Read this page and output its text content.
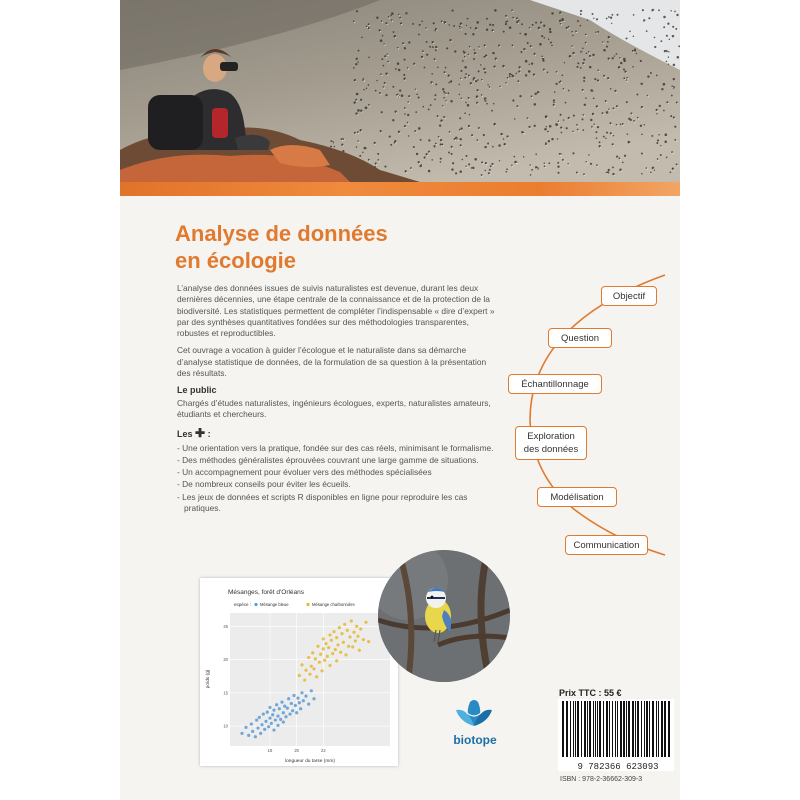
Analyse de données
en écologie

L’analyse des données issues de suivis naturalistes est devenue, durant les deux dernières décennies, une étape centrale de la connaissance et de la protection de la biodiversité. Les statistiques permettent de compléter l’indispensable « dire d’expert » par des synthèses quantitatives fondées sur des méthodologies transparentes, robustes et reproductibles.

Cet ouvrage a vocation à guider l’écologue et le naturaliste dans sa démarche d’analyse statistique de données, de la formulation de sa question à la présentation des résultats.

Le public
Chargés d’études naturalistes, ingénieurs écologues, experts, naturalistes amateurs, étudiants et chercheurs.
Les ✚ :
- Une orientation vers la pratique, fondée sur des cas réels, minimisant le formalisme.
- Des méthodes généralistes éprouvées couvrant une large gamme de situations.
- Un accompagnement pour évoluer vers des méthodes spécialisées
- De nombreux conseils pour éviter les écueils.
- Les jeux de données et scripts R disponibles en ligne pour reproduire les cas pratiques.
Objectif
Question
Échantillonnage
Exploration des données
Modélisation
Communication
Mésanges, forêt d'Orléans
espèce : Mésange bleue	Mésange charbonnière
18	20	22
10
15
20
25
longueur du tarse (mm)
poids (g)
biotope
Prix TTC : 55 €
9 782366 623093
ISBN : 978-2-36662-309-3
